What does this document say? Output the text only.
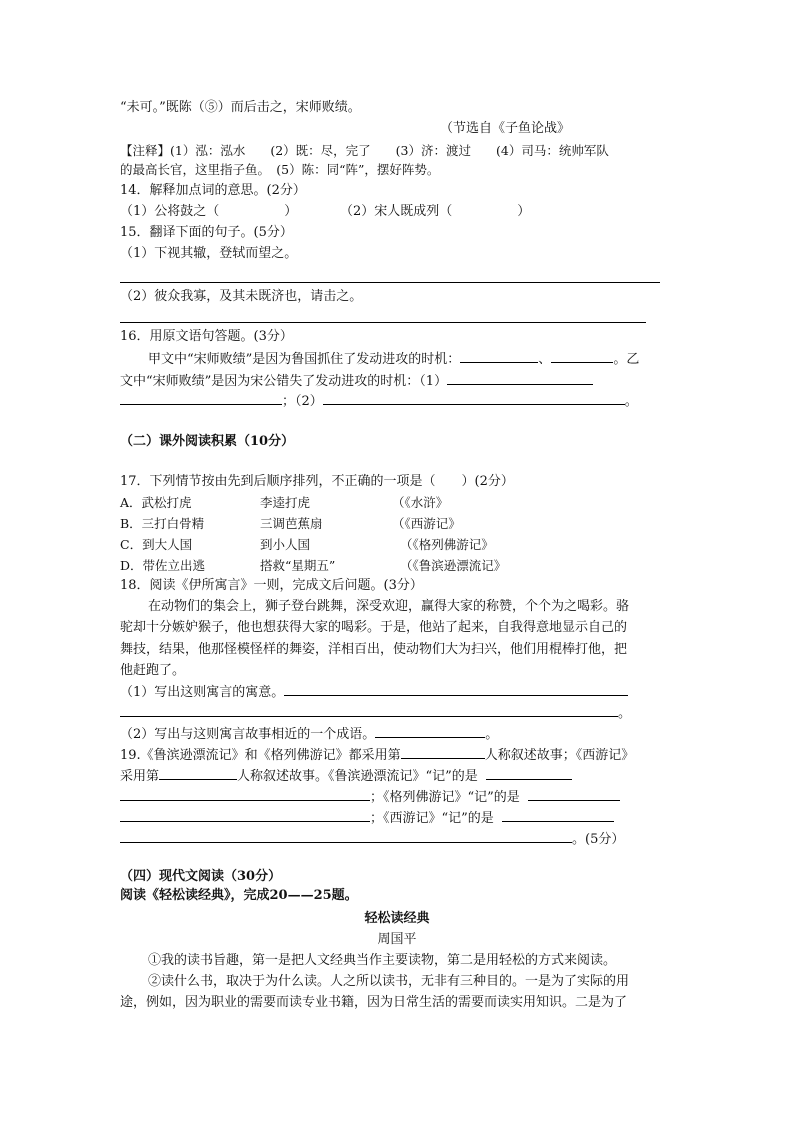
“未可。”既陈（⑤）而后击之，宋师败绩。
（节选自《子鱼论战》
【注释】(1）泓：泓水　　(2）既：尽，完了　　(3）济：渡过　　(4）司马：统帅军队
的最高长官，这里指子鱼。　(5）陈：同“阵”，摆好阵势。
14．解释加点词的意思。(2分）
（1）公将鼓之（　　　　　）	（2）宋人既成列（　　　　　）
15．翻译下面的句子。(5分）
（1）下视其辙，登轼而望之。
（2）彼众我寡，及其未既济也，请击之。
16．用原文语句答题。(3分）
甲文中“宋师败绩”是因为鲁国抓住了发动进攻的时机：	、	。乙
文中“宋师败绩”是因为宋公错失了发动进攻的时机：（1）
；（2）	。
（二）课外阅读积累（10分）
17．下列情节按由先到后顺序排列，不正确的一项是（　　）(2分）
A．武松打虎	李逵打虎	（《水浒》
B．三打白骨精	三调芭蕉扇	（《西游记》
C．到大人国	到小人国	（《格列佛游记》
D．带佐立出逃	搭救“星期五”	（《鲁滨逊漂流记》
18．阅读《伊所寓言》一则，完成文后问题。(3分）
在动物们的集会上，狮子登台跳舞，深受欢迎，赢得大家的称赞，个个为之喝彩。骆
驼却十分嫉妒猴子，他也想获得大家的喝彩。于是，他站了起来，自我得意地显示自己的
舞技，结果，他那怪模怪样的舞姿，洋相百出，使动物们大为扫兴，他们用棍棒打他，把
他赶跑了。
（1）写出这则寓言的寓意。
。
（2）写出与这则寓言故事相近的一个成语。	。
19.《鲁滨逊漂流记》和《格列佛游记》都采用第	人称叙述故事；《西游记》
采用第	人称叙述故事。《鲁滨逊漂流记》“记”的是
；《格列佛游记》“记”的是
；《西游记》“记”的是
。(5分）
（四）现代文阅读（30分）
阅读《轻松读经典》，完成20——25题。
轻松读经典
周国平
①我的读书旨趣，第一是把人文经典当作主要读物，第二是用轻松的方式来阅读。
②读什么书，取决于为什么读。人之所以读书，无非有三种目的。一是为了实际的用
途，例如，因为职业的需要而读专业书籍，因为日常生活的需要而读实用知识。二是为了
